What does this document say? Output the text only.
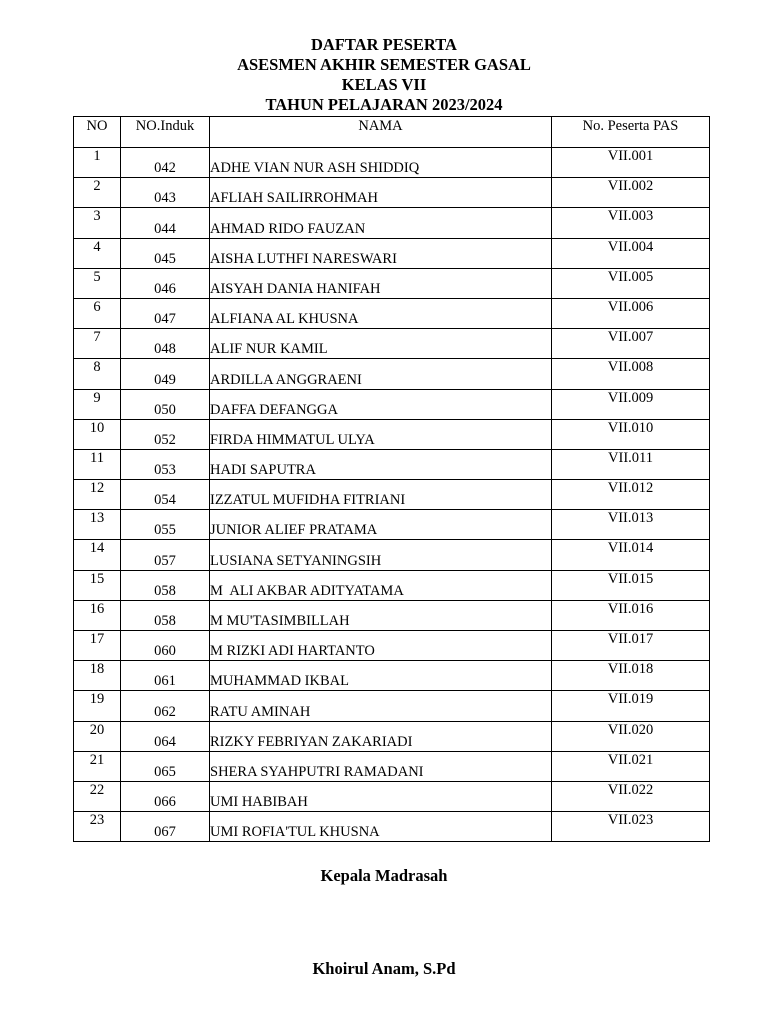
DAFTAR PESERTA
ASESMEN AKHIR SEMESTER GASAL
KELAS VII
TAHUN PELAJARAN 2023/2024
NO	NO.Induk	NAMA	No. Peserta PAS
1	042	ADHE VIAN NUR ASH SHIDDIQ	VII.001
2	043	AFLIAH SAILIRROHMAH	VII.002
3	044	AHMAD RIDO FAUZAN	VII.003
4	045	AISHA LUTHFI NARESWARI	VII.004
5	046	AISYAH DANIA HANIFAH	VII.005
6	047	ALFIANA AL KHUSNA	VII.006
7	048	ALIF NUR KAMIL	VII.007
8	049	ARDILLA ANGGRAENI	VII.008
9	050	DAFFA DEFANGGA	VII.009
10	052	FIRDA HIMMATUL ULYA	VII.010
11	053	HADI SAPUTRA	VII.011
12	054	IZZATUL MUFIDHA FITRIANI	VII.012
13	055	JUNIOR ALIEF PRATAMA	VII.013
14	057	LUSIANA SETYANINGSIH	VII.014
15	058	M  ALI AKBAR ADITYATAMA	VII.015
16	058	M MU'TASIMBILLAH	VII.016
17	060	M RIZKI ADI HARTANTO	VII.017
18	061	MUHAMMAD IKBAL	VII.018
19	062	RATU AMINAH	VII.019
20	064	RIZKY FEBRIYAN ZAKARIADI	VII.020
21	065	SHERA SYAHPUTRI RAMADANI	VII.021
22	066	UMI HABIBAH	VII.022
23	067	UMI ROFIA'TUL KHUSNA	VII.023
Kepala Madrasah
Khoirul Anam, S.Pd
